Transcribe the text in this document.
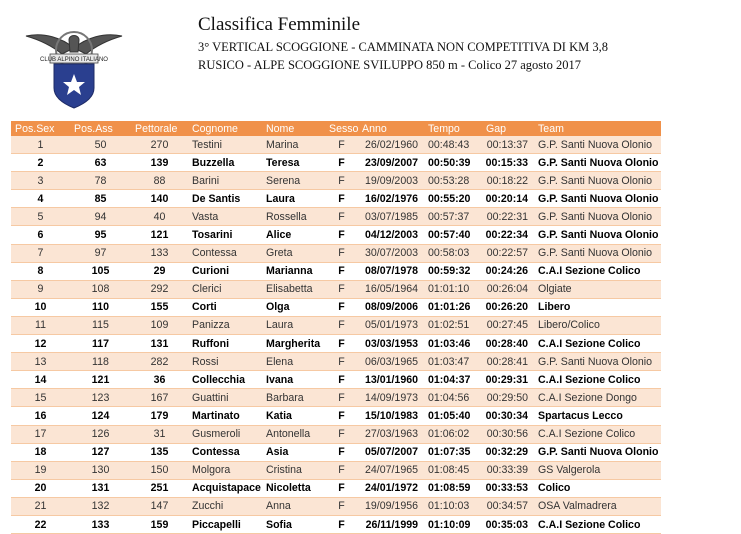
CLUB ALPINO ITALIANO
Classifica Femminile
3° VERTICAL SCOGGIONE - CAMMINATA NON COMPETITIVA DI KM 3,8
RUSICO - ALPE SCOGGIONE SVILUPPO 850 m - Colico 27 agosto 2017
Pos.Sex	Pos.Ass	Pettorale	Cognome	Nome	Sesso	Anno	Tempo	Gap	Team
1	50	270	Testini	Marina	F	26/02/1960	00:48:43	00:13:37	G.P. Santi Nuova Olonio
2	63	139	Buzzella	Teresa	F	23/09/2007	00:50:39	00:15:33	G.P. Santi Nuova Olonio
3	78	88	Barini	Serena	F	19/09/2003	00:53:28	00:18:22	G.P. Santi Nuova Olonio
4	85	140	De Santis	Laura	F	16/02/1976	00:55:20	00:20:14	G.P. Santi Nuova Olonio
5	94	40	Vasta	Rossella	F	03/07/1985	00:57:37	00:22:31	G.P. Santi Nuova Olonio
6	95	121	Tosarini	Alice	F	04/12/2003	00:57:40	00:22:34	G.P. Santi Nuova Olonio
7	97	133	Contessa	Greta	F	30/07/2003	00:58:03	00:22:57	G.P. Santi Nuova Olonio
8	105	29	Curioni	Marianna	F	08/07/1978	00:59:32	00:24:26	C.A.I Sezione Colico
9	108	292	Clerici	Elisabetta	F	16/05/1964	01:01:10	00:26:04	Olgiate
10	110	155	Corti	Olga	F	08/09/2006	01:01:26	00:26:20	Libero
11	115	109	Panizza	Laura	F	05/01/1973	01:02:51	00:27:45	Libero/Colico
12	117	131	Ruffoni	Margherita	F	03/03/1953	01:03:46	00:28:40	C.A.I Sezione Colico
13	118	282	Rossi	Elena	F	06/03/1965	01:03:47	00:28:41	G.P. Santi Nuova Olonio
14	121	36	Collecchia	Ivana	F	13/01/1960	01:04:37	00:29:31	C.A.I Sezione Colico
15	123	167	Guattini	Barbara	F	14/09/1973	01:04:56	00:29:50	C.A.I Sezione Dongo
16	124	179	Martinato	Katia	F	15/10/1983	01:05:40	00:30:34	Spartacus Lecco
17	126	31	Gusmeroli	Antonella	F	27/03/1963	01:06:02	00:30:56	C.A.I Sezione Colico
18	127	135	Contessa	Asia	F	05/07/2007	01:07:35	00:32:29	G.P. Santi Nuova Olonio
19	130	150	Molgora	Cristina	F	24/07/1965	01:08:45	00:33:39	GS Valgerola
20	131	251	Acquistapace	Nicoletta	F	24/01/1972	01:08:59	00:33:53	Colico
21	132	147	Zucchi	Anna	F	19/09/1956	01:10:03	00:34:57	OSA Valmadrera
22	133	159	Piccapelli	Sofia	F	26/11/1999	01:10:09	00:35:03	C.A.I Sezione Colico
